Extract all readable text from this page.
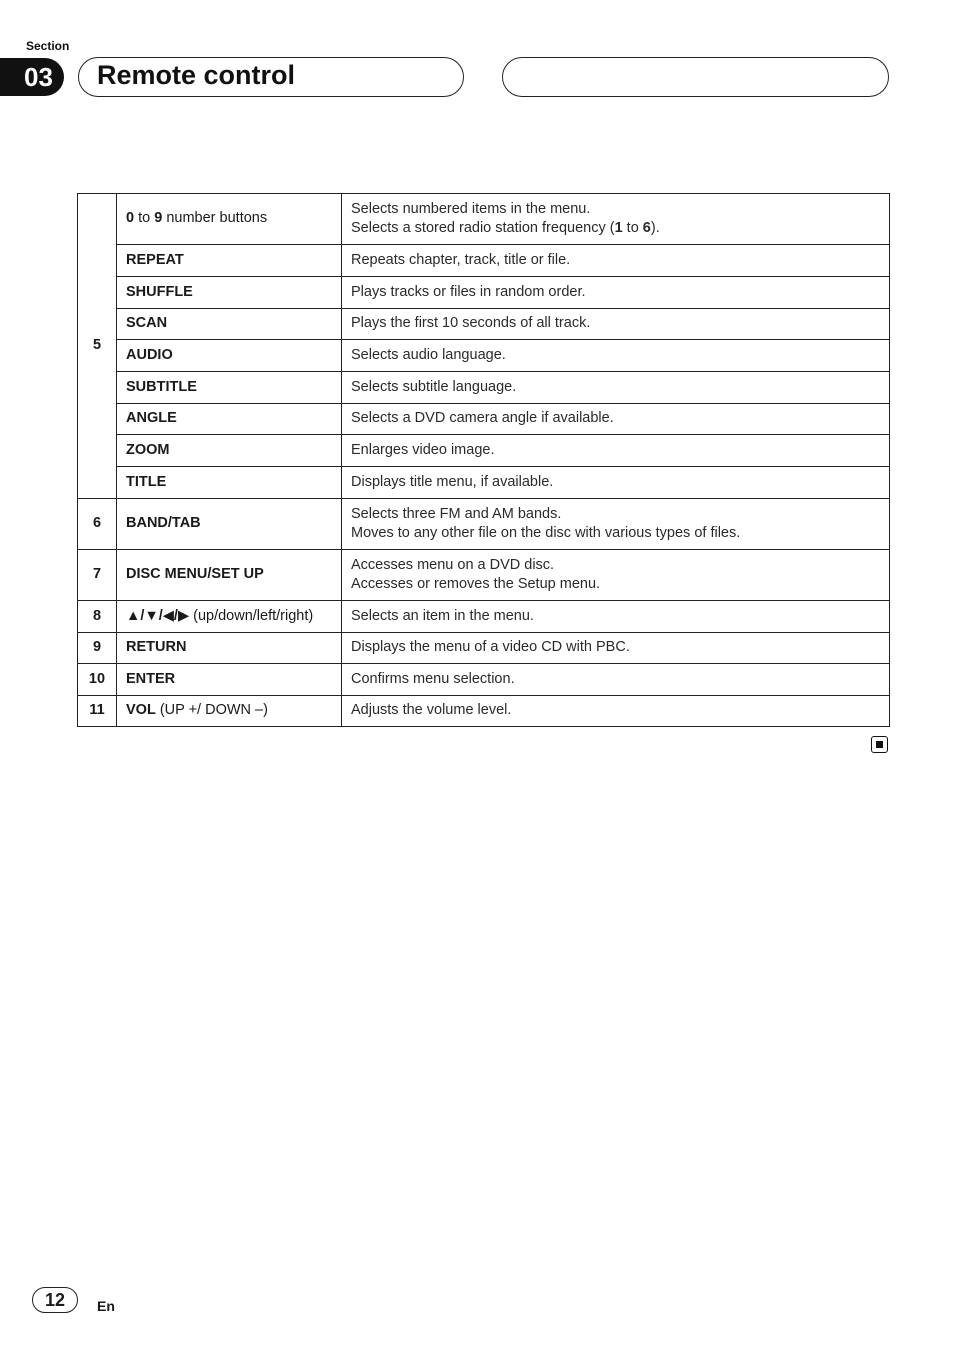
Section
03	Remote control
5	0 to 9 number buttons	Selects numbered items in the menu.
Selects a stored radio station frequency (1 to 6).
	REPEAT	Repeats chapter, track, title or file.
	SHUFFLE	Plays tracks or files in random order.
	SCAN	Plays the first 10 seconds of all track.
	AUDIO	Selects audio language.
	SUBTITLE	Selects subtitle language.
	ANGLE	Selects a DVD camera angle if available.
	ZOOM	Enlarges video image.
	TITLE	Displays title menu, if available.
6	BAND/TAB	Selects three FM and AM bands.
Moves to any other file on the disc with various types of files.
7	DISC MENU/SET UP	Accesses menu on a DVD disc.
Accesses or removes the Setup menu.
8	▲/▼/◀/▶ (up/down/left/right)	Selects an item in the menu.
9	RETURN	Displays the menu of a video CD with PBC.
10	ENTER	Confirms menu selection.
11	VOL (UP +/ DOWN –)	Adjusts the volume level.
12	En
